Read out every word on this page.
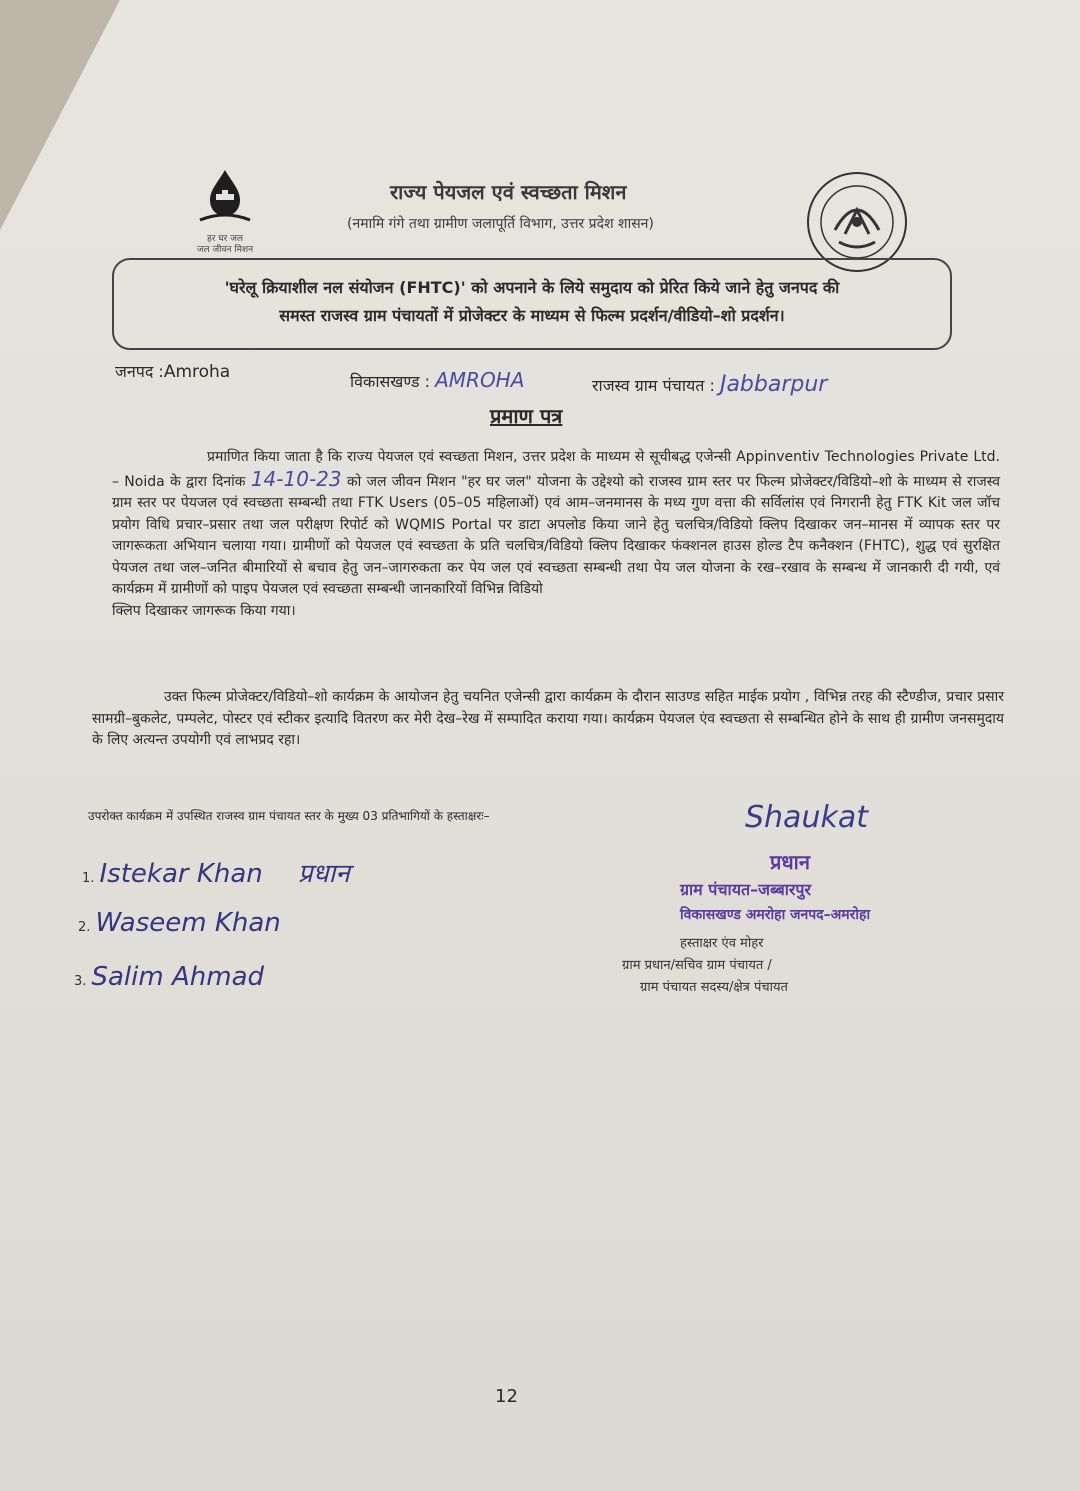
हर घर जल
जल जीवन मिशन
राज्य पेयजल एवं स्वच्छता मिशन
(नमामि गंगे तथा ग्रामीण जलापूर्ति विभाग, उत्तर प्रदेश शासन)
'घरेलू क्रियाशील नल संयोजन (FHTC)' को अपनाने के लिये समुदाय को प्रेरित किये जाने हेतु जनपद की
समस्त राजस्व ग्राम पंचायतों में प्रोजेक्टर के माध्यम से फिल्म प्रदर्शन/वीडियो–शो प्रदर्शन।
जनपद :Amroha	विकासखण्ड : AMROHA	राजस्व ग्राम पंचायत : Jabbarpur
प्रमाण पत्र
प्रमाणित किया जाता है कि राज्य पेयजल एवं स्वच्छता मिशन, उत्तर प्रदेश के माध्यम से सूचीबद्ध एजेन्सी Appinventiv Technologies Private Ltd. – Noida के द्वारा दिनांक 14-10-23 को जल जीवन मिशन "हर घर जल" योजना के उद्देश्यो को राजस्व ग्राम स्तर पर फिल्म प्रोजेक्टर/विडियो–शो के माध्यम से राजस्व ग्राम स्तर पर पेयजल एवं स्वच्छता सम्बन्धी तथा FTK Users (05–05 महिलाओं) एवं आम–जनमानस के मध्य गुण वत्ता की सर्विलांस एवं निगरानी हेतु FTK Kit जल जॉच प्रयोग विधि प्रचार–प्रसार तथा जल परीक्षण रिपोर्ट को WQMIS Portal पर डाटा अपलोड किया जाने हेतु चलचित्र/विडियो क्लिप दिखाकर जन–मानस में व्यापक स्तर पर जागरूकता अभियान चलाया गया। ग्रामीणों को पेयजल एवं स्वच्छता के प्रति चलचित्र/विडियो क्लिप दिखाकर फंक्शनल हाउस होल्ड टैप कनैक्शन (FHTC), शुद्ध एवं सुरक्षित पेयजल तथा जल–जनित बीमारियों से बचाव हेतु जन–जागरुकता कर पेय जल एवं स्वच्छता सम्बन्धी तथा पेय जल योजना के रख–रखाव के सम्बन्ध में जानकारी दी गयी, एवं कार्यक्रम में ग्रामीणों को पाइप पेयजल एवं स्वच्छता सम्बन्धी जानकारियों विभिन्न विडियो
क्लिप दिखाकर जागरूक किया गया।
उक्त फिल्म प्रोजेक्टर/विडियो–शो कार्यक्रम के आयोजन हेतु चयनित एजेन्सी द्वारा कार्यक्रम के दौरान साउण्ड सहित माईक प्रयोग , विभिन्न तरह की स्टैण्डीज, प्रचार प्रसार सामग्री–बुकलेट, पम्पलेट, पोस्टर एवं स्टीकर इत्यादि वितरण कर मेरी देख–रेख में सम्पादित कराया गया। कार्यक्रम पेयजल एंव स्वच्छता से सम्बन्धित होने के साथ ही ग्रामीण जनसमुदाय के लिए अत्यन्त उपयोगी एवं लाभप्रद रहा।
उपरोक्त कार्यक्रम में उपस्थित राजस्व ग्राम पंचायत स्तर के मुख्य 03 प्रतिभागियों के हस्ताक्षरः–
1. Istekar Khan प्रधान
2. Waseem Khan
3. Salim Ahmad
Shaukat
प्रधान
ग्राम पंचायत–जब्बारपुर
विकासखण्ड अमरोहा जनपद–अमरोहा
हस्ताक्षर एंव मोहर
ग्राम प्रधान/सचिव ग्राम पंचायत /
ग्राम पंचायत सदस्य/क्षेत्र पंचायत
12
